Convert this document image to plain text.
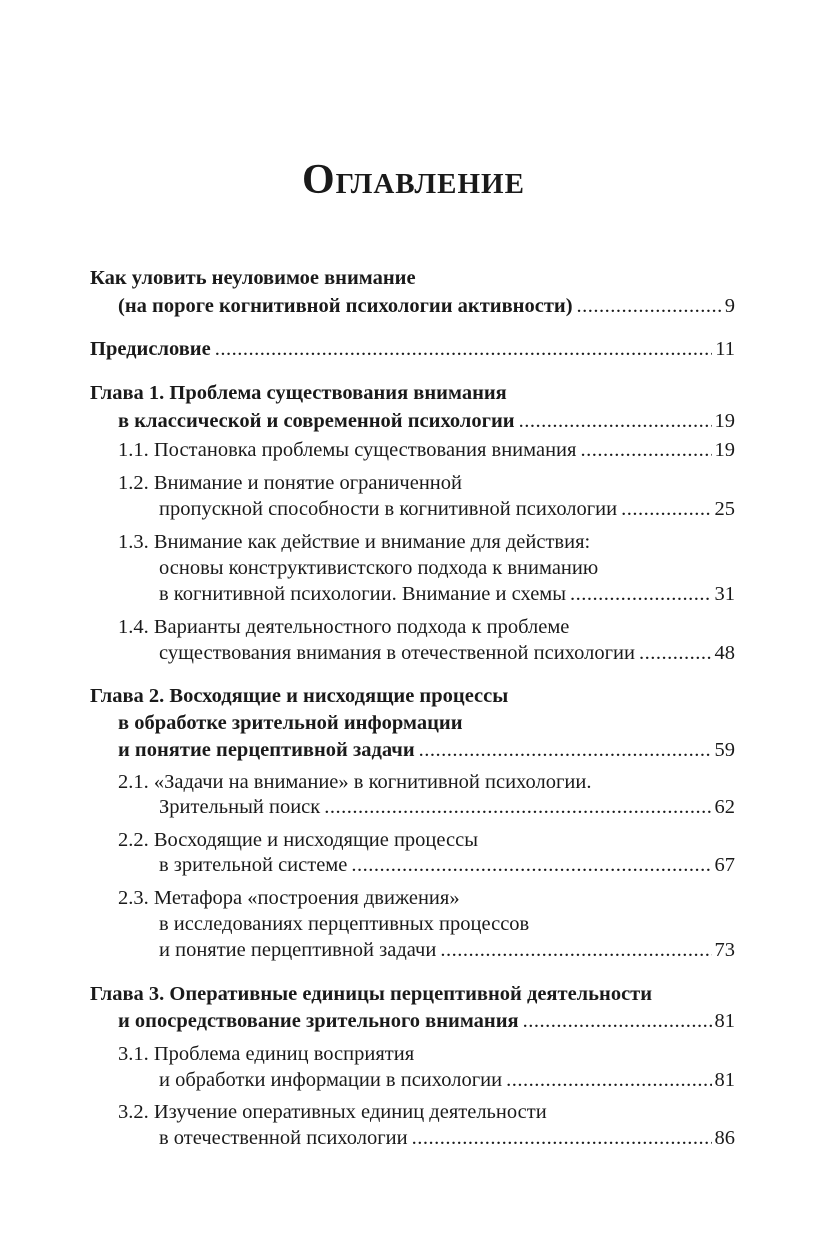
Оглавление
Как уловить неуловимое внимание
(на пороге когнитивной психологии активности) .....	9
Предисловие .....	11
Глава 1. Проблема существования внимания
в классической и современной психологии .....	19
1.1. Постановка проблемы существования внимания .....	19
1.2. Внимание и понятие ограниченной
пропускной способности в когнитивной психологии .....	25
1.3. Внимание как действие и внимание для действия:
основы конструктивистского подхода к вниманию
в когнитивной психологии. Внимание и схемы .....	31
1.4. Варианты деятельностного подхода к проблеме
существования внимания в отечественной психологии .....	48
Глава 2. Восходящие и нисходящие процессы
в обработке зрительной информации
и понятие перцептивной задачи .....	59
2.1. «Задачи на внимание» в когнитивной психологии.
Зрительный поиск .....	62
2.2. Восходящие и нисходящие процессы
в зрительной системе .....	67
2.3. Метафора «построения движения»
в исследованиях перцептивных процессов
и понятие перцептивной задачи .....	73
Глава 3. Оперативные единицы перцептивной деятельности
и опосредствование зрительного внимания .....	81
3.1. Проблема единиц восприятия
и обработки информации в психологии .....	81
3.2. Изучение оперативных единиц деятельности
в отечественной психологии .....	86
